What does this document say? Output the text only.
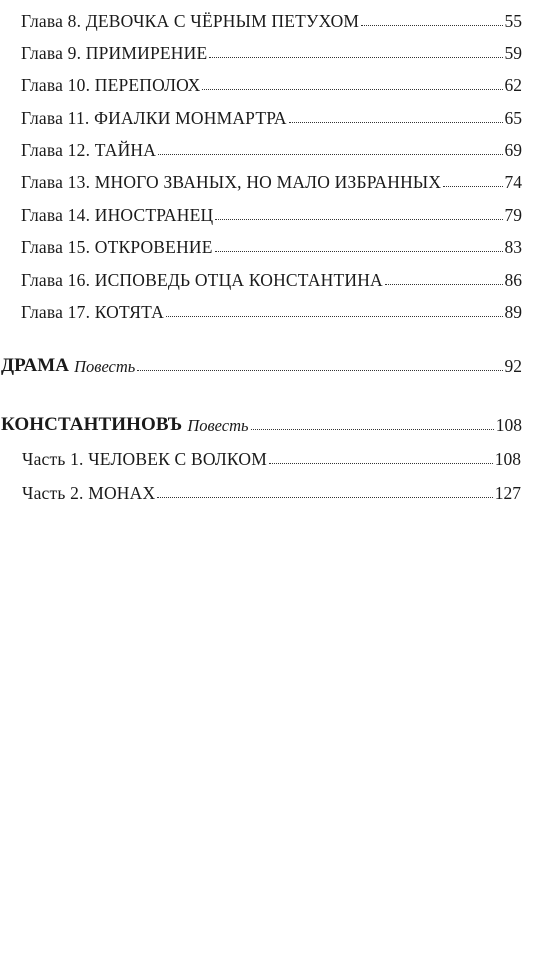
Глава 8. ДЕВОЧКА С ЧЁРНЫМ ПЕТУХОМ	55
Глава 9. ПРИМИРЕНИЕ	59
Глава 10. ПЕРЕПОЛОХ	62
Глава 11. ФИАЛКИ МОНМАРТРА	65
Глава 12. ТАЙНА	69
Глава 13. МНОГО ЗВАНЫХ, НО МАЛО ИЗБРАННЫХ	74
Глава 14. ИНОСТРАНЕЦ	79
Глава 15. ОТКРОВЕНИЕ	83
Глава 16. ИСПОВЕДЬ ОТЦА КОНСТАНТИНА	86
Глава 17. КОТЯТА	89
ДРАМА Повесть	92
КОНСТАНТИНОВЪ Повесть	108
Часть 1. ЧЕЛОВЕК С ВОЛКОМ	108
Часть 2. МОНАХ	127
